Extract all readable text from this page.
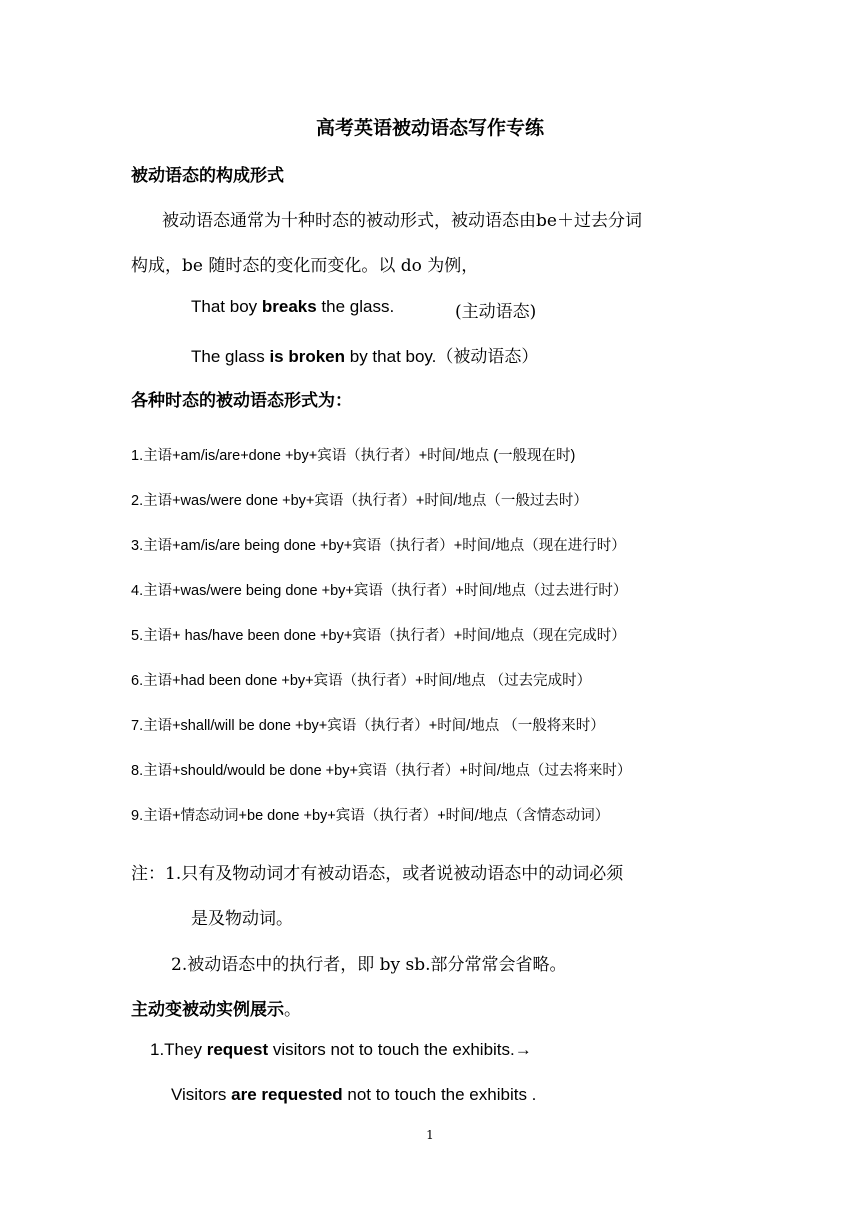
高考英语被动语态写作专练
被动语态的构成形式
被动语态通常为十种时态的被动形式，被动语态由be＋过去分词
构成，be 随时态的变化而变化。以 do 为例，
That boy breaks the glass.	(主动语态)
The glass is broken by that boy.（被动语态）
各种时态的被动语态形式为：
1.主语+am/is/are+done +by+宾语（执行者）+时间/地点 (一般现在时)
2.主语+was/were done +by+宾语（执行者）+时间/地点（一般过去时）
3.主语+am/is/are being done +by+宾语（执行者）+时间/地点（现在进行时）
4.主语+was/were being done +by+宾语（执行者）+时间/地点（过去进行时）
5.主语+ has/have been done +by+宾语（执行者）+时间/地点（现在完成时）
6.主语+had been done +by+宾语（执行者）+时间/地点 （过去完成时）
7.主语+shall/will be done +by+宾语（执行者）+时间/地点 （一般将来时）
8.主语+should/would be done +by+宾语（执行者）+时间/地点（过去将来时）
9.主语+情态动词+be done +by+宾语（执行者）+时间/地点（含情态动词）
注：1.只有及物动词才有被动语态，或者说被动语态中的动词必须
是及物动词。
2.被动语态中的执行者，即 by sb.部分常常会省略。
主动变被动实例展示。
1.They request visitors not to touch the exhibits.→
Visitors are requested not to touch the exhibits .
1
